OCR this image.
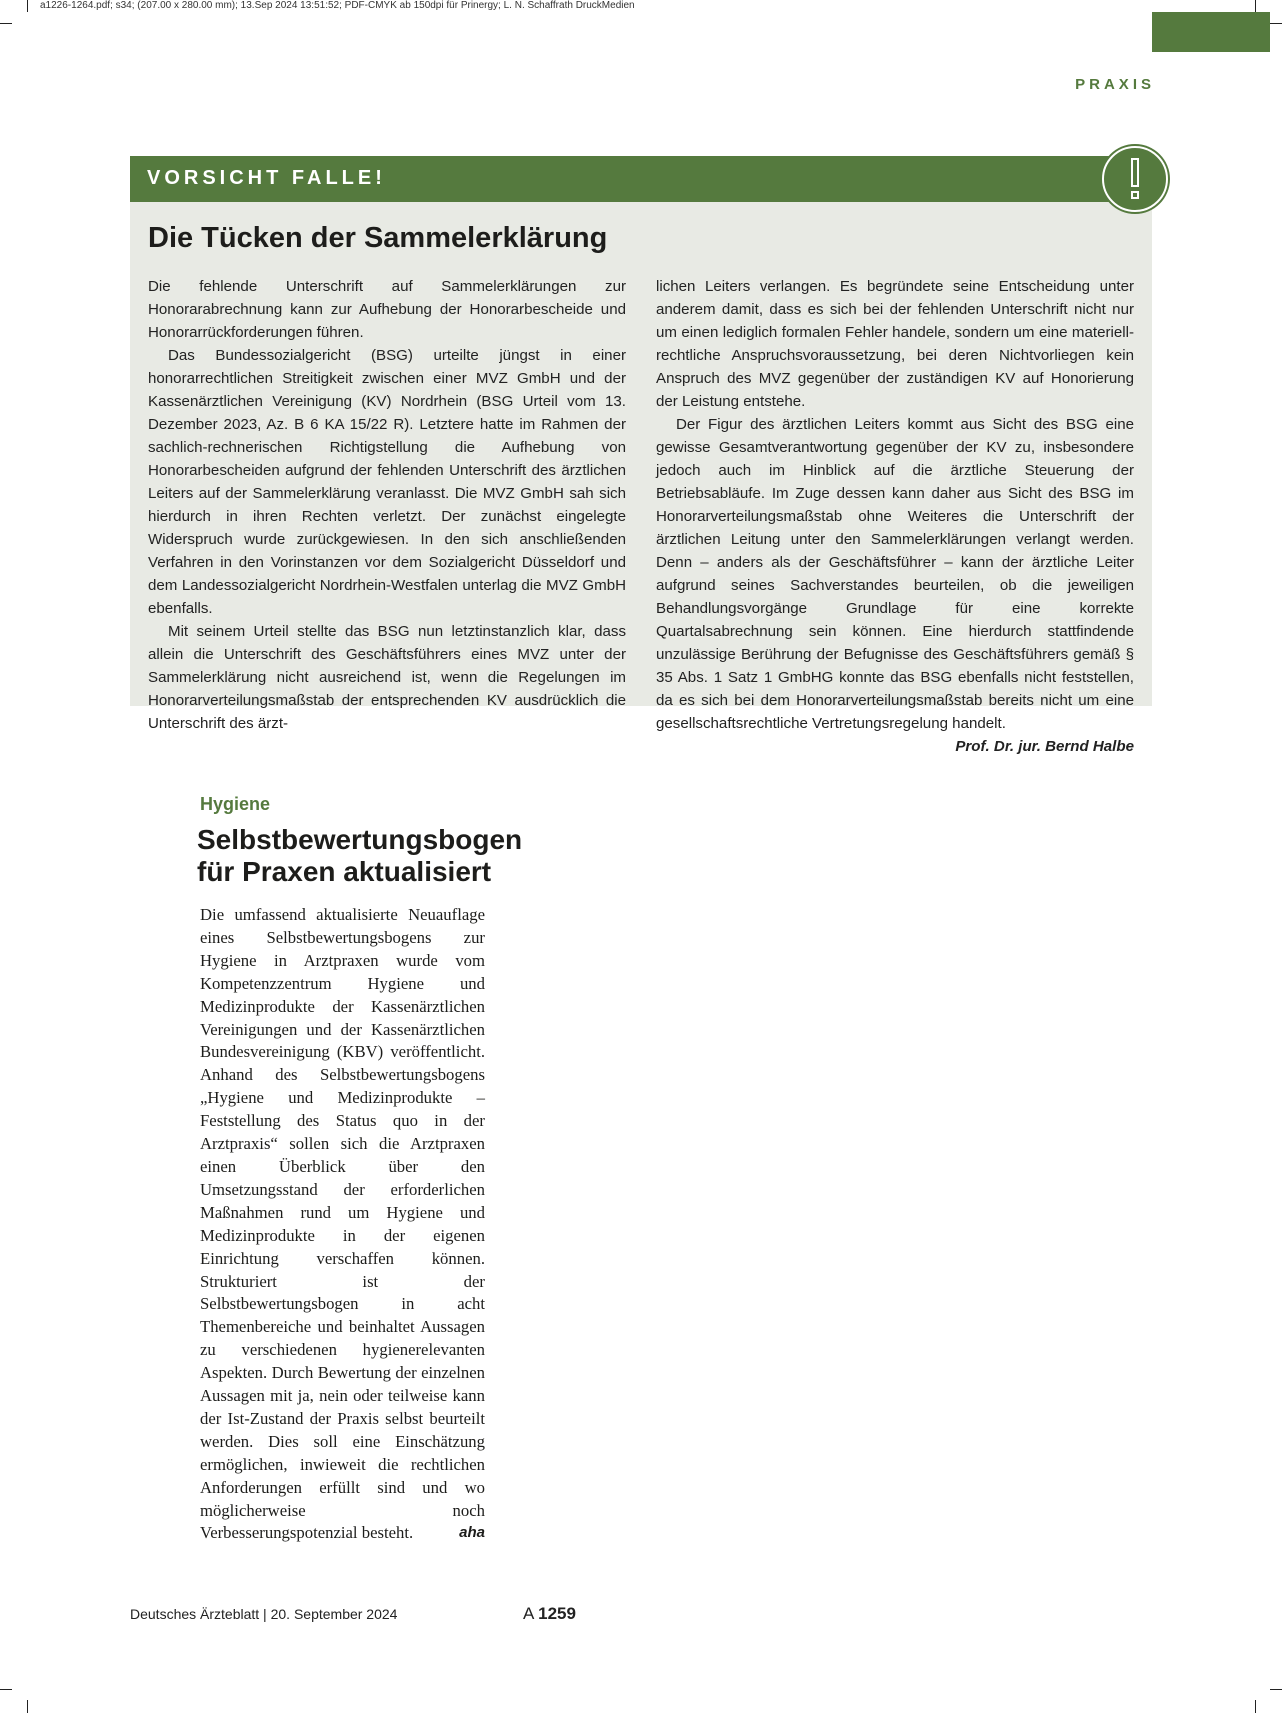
a1226-1264.pdf; s34; (207.00 x 280.00 mm); 13.Sep 2024 13:51:52; PDF-CMYK ab 150dpi für Prinergy; L. N. Schaffrath DruckMedien
PRAXIS
VORSICHT FALLE!
Die Tücken der Sammelerklärung

Die fehlende Unterschrift auf Sammelerklärungen zur Honorarabrechnung kann zur Aufhebung der Honorarbescheide und Honorarrückforderungen führen.

Das Bundessozialgericht (BSG) urteilte jüngst in einer honorarrechtlichen Streitigkeit zwischen einer MVZ GmbH und der Kassenärztlichen Vereinigung (KV) Nordrhein (BSG Urteil vom 13. Dezember 2023, Az. B 6 KA 15/22 R). Letztere hatte im Rahmen der sachlich-rechnerischen Richtigstellung die Aufhebung von Honorarbescheiden aufgrund der fehlenden Unterschrift des ärztlichen Leiters auf der Sammelerklärung veranlasst. Die MVZ GmbH sah sich hierdurch in ihren Rechten verletzt. Der zunächst eingelegte Widerspruch wurde zurückgewiesen. In den sich anschließenden Verfahren in den Vorinstanzen vor dem Sozialgericht Düsseldorf und dem Landessozialgericht Nordrhein-Westfalen unterlag die MVZ GmbH ebenfalls.

Mit seinem Urteil stellte das BSG nun letztinstanzlich klar, dass allein die Unterschrift des Geschäftsführers eines MVZ unter der Sammelerklärung nicht ausreichend ist, wenn die Regelungen im Honorarverteilungsmaßstab der entsprechenden KV ausdrücklich die Unterschrift des ärzt-

lichen Leiters verlangen. Es begründete seine Entscheidung unter anderem damit, dass es sich bei der fehlenden Unterschrift nicht nur um einen lediglich formalen Fehler handele, sondern um eine materiell-rechtliche Anspruchsvoraussetzung, bei deren Nichtvorliegen kein Anspruch des MVZ gegenüber der zuständigen KV auf Honorierung der Leistung entstehe.

Der Figur des ärztlichen Leiters kommt aus Sicht des BSG eine gewisse Gesamtverantwortung gegenüber der KV zu, insbesondere jedoch auch im Hinblick auf die ärztliche Steuerung der Betriebsabläufe. Im Zuge dessen kann daher aus Sicht des BSG im Honorarverteilungsmaßstab ohne Weiteres die Unterschrift der ärztlichen Leitung unter den Sammelerklärungen verlangt werden. Denn – anders als der Geschäftsführer – kann der ärztliche Leiter aufgrund seines Sachverstandes beurteilen, ob die jeweiligen Behandlungsvorgänge Grundlage für eine korrekte Quartalsabrechnung sein können. Eine hierdurch stattfindende unzulässige Berührung der Befugnisse des Geschäftsführers gemäß § 35 Abs. 1 Satz 1 GmbHG konnte das BSG ebenfalls nicht feststellen, da es sich bei dem Honorarverteilungsmaßstab bereits nicht um eine gesellschaftsrechtliche Vertretungsregelung handelt.
Prof. Dr. jur. Bernd Halbe

Hygiene
Selbstbewertungsbogen für Praxen aktualisiert

Die umfassend aktualisierte Neuauflage eines Selbstbewertungsbogens zur Hygiene in Arztpraxen wurde vom Kompetenzzentrum Hygiene und Medizinprodukte der Kassenärztlichen Vereinigungen und der Kassenärztlichen Bundesvereinigung (KBV) veröffentlicht. Anhand des Selbstbewertungsbogens „Hygiene und Medizinprodukte – Feststellung des Status quo in der Arztpraxis“ sollen sich die Arztpraxen einen Überblick über den Umsetzungsstand der erforderlichen Maßnahmen rund um Hygiene und Medizinprodukte in der eigenen Einrichtung verschaffen können. Strukturiert ist der Selbstbewertungsbogen in acht Themenbereiche und beinhaltet Aussagen zu verschiedenen hygienerelevanten Aspekten. Durch Bewertung der einzelnen Aussagen mit ja, nein oder teilweise kann der Ist-Zustand der Praxis selbst beurteilt werden. Dies soll eine Einschätzung ermöglichen, inwieweit die rechtlichen Anforderungen erfüllt sind und wo möglicherweise noch Verbesserungspotenzial besteht.	aha

Deutsches Ärzteblatt | 20. September 2024	A 1259
